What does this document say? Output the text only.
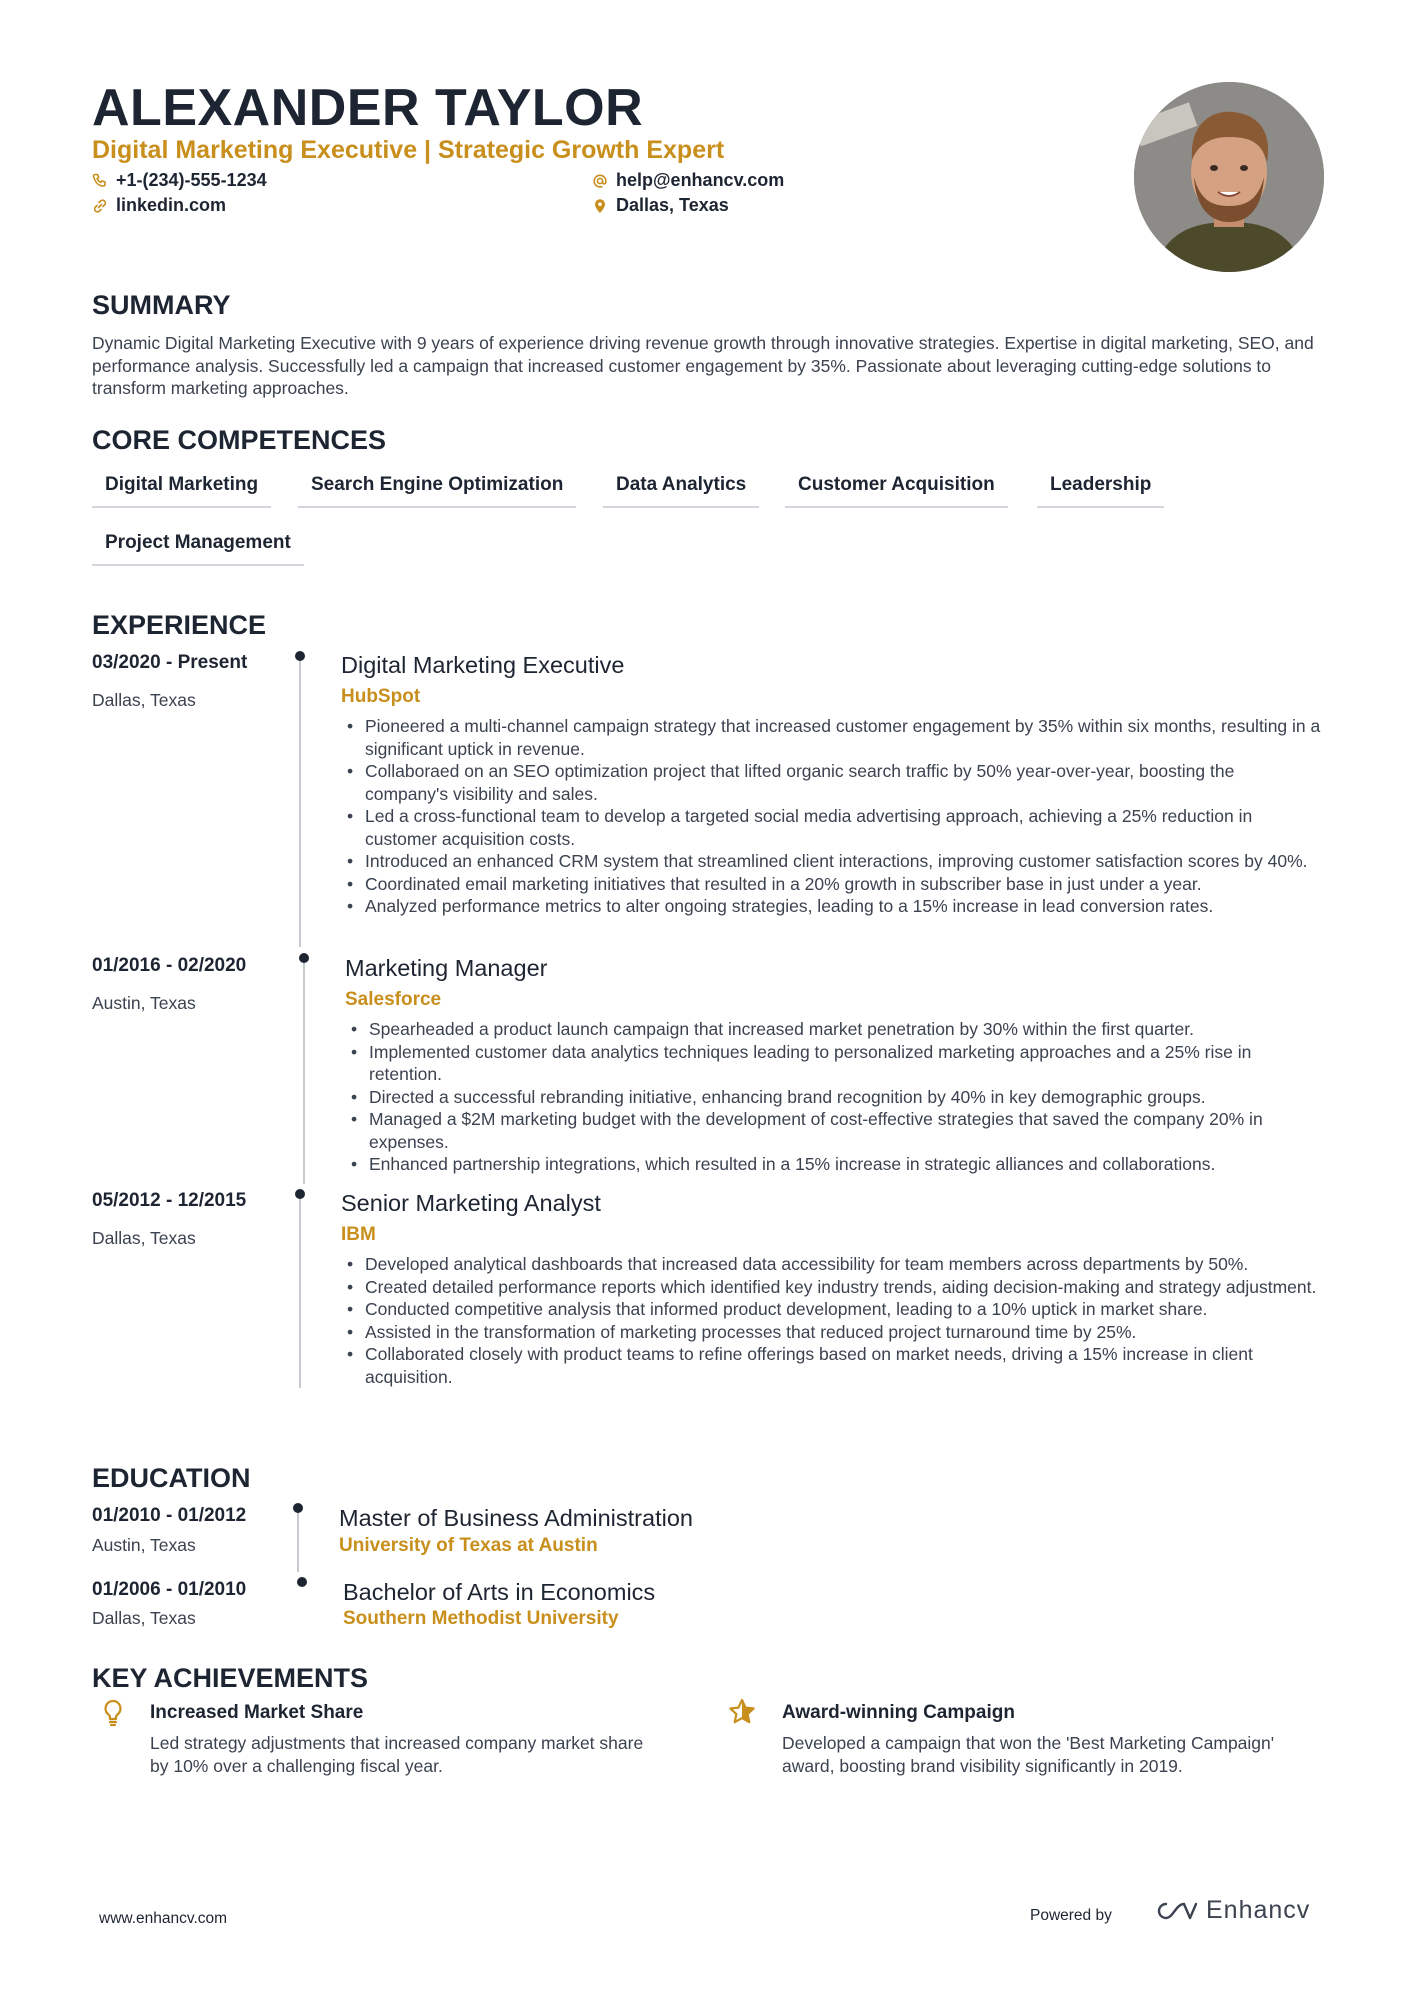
ALEXANDER TAYLOR
Digital Marketing Executive | Strategic Growth Expert
+1-(234)-555-1234	help@enhancv.com
linkedin.com	Dallas, Texas
SUMMARY
Dynamic Digital Marketing Executive with 9 years of experience driving revenue growth through innovative strategies. Expertise in digital marketing, SEO, and performance analysis. Successfully led a campaign that increased customer engagement by 35%. Passionate about leveraging cutting-edge solutions to transform marketing approaches.
CORE COMPETENCES
Digital Marketing	Search Engine Optimization	Data Analytics	Customer Acquisition	Leadership
Project Management
EXPERIENCE
03/2020 - Present
Dallas, Texas
Digital Marketing Executive
HubSpot
• Pioneered a multi-channel campaign strategy that increased customer engagement by 35% within six months, resulting in a significant uptick in revenue.
• Collaboraed on an SEO optimization project that lifted organic search traffic by 50% year-over-year, boosting the company's visibility and sales.
• Led a cross-functional team to develop a targeted social media advertising approach, achieving a 25% reduction in customer acquisition costs.
• Introduced an enhanced CRM system that streamlined client interactions, improving customer satisfaction scores by 40%.
• Coordinated email marketing initiatives that resulted in a 20% growth in subscriber base in just under a year.
• Analyzed performance metrics to alter ongoing strategies, leading to a 15% increase in lead conversion rates.
01/2016 - 02/2020
Austin, Texas
Marketing Manager
Salesforce
• Spearheaded a product launch campaign that increased market penetration by 30% within the first quarter.
• Implemented customer data analytics techniques leading to personalized marketing approaches and a 25% rise in retention.
• Directed a successful rebranding initiative, enhancing brand recognition by 40% in key demographic groups.
• Managed a $2M marketing budget with the development of cost-effective strategies that saved the company 20% in expenses.
• Enhanced partnership integrations, which resulted in a 15% increase in strategic alliances and collaborations.
05/2012 - 12/2015
Dallas, Texas
Senior Marketing Analyst
IBM
• Developed analytical dashboards that increased data accessibility for team members across departments by 50%.
• Created detailed performance reports which identified key industry trends, aiding decision-making and strategy adjustment.
• Conducted competitive analysis that informed product development, leading to a 10% uptick in market share.
• Assisted in the transformation of marketing processes that reduced project turnaround time by 25%.
• Collaborated closely with product teams to refine offerings based on market needs, driving a 15% increase in client acquisition.
EDUCATION
01/2010 - 01/2012
Austin, Texas
Master of Business Administration
University of Texas at Austin
01/2006 - 01/2010
Dallas, Texas
Bachelor of Arts in Economics
Southern Methodist University
KEY ACHIEVEMENTS
Increased Market Share
Led strategy adjustments that increased company market share by 10% over a challenging fiscal year.
Award-winning Campaign
Developed a campaign that won the 'Best Marketing Campaign' award, boosting brand visibility significantly in 2019.
www.enhancv.com	Powered by	Enhancv
